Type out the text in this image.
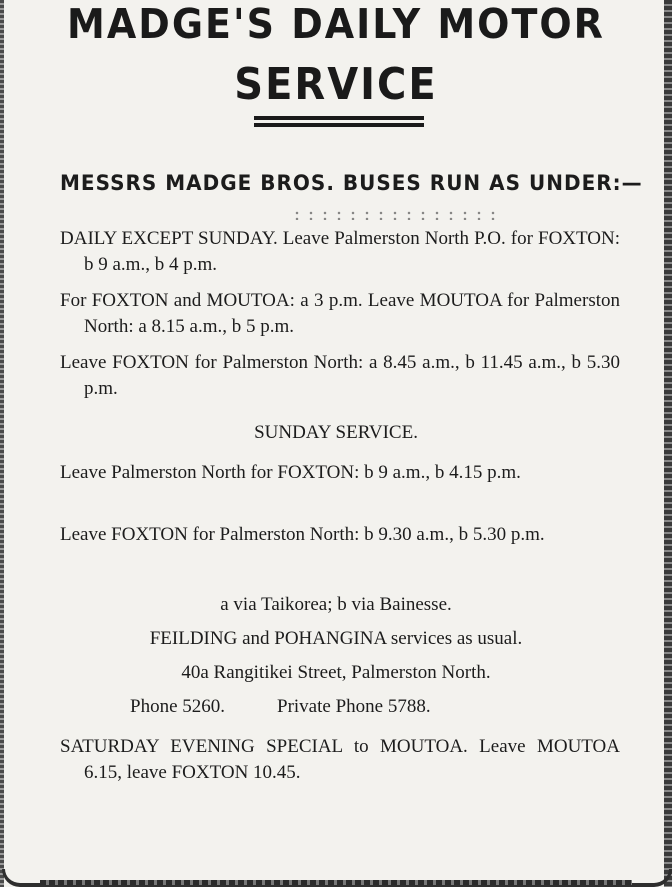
MADGE'S DAILY MOTOR
SERVICE
MESSRS MADGE BROS. BUSES RUN AS UNDER:—
DAILY EXCEPT SUNDAY. Leave Palmerston North P.O. for FOXTON: b 9 a.m., b 4 p.m.
For FOXTON and MOUTOA: a 3 p.m. Leave MOUTOA for Palmerston North: a 8.15 a.m., b 5 p.m.
Leave FOXTON for Palmerston North: a 8.45 a.m., b 11.45 a.m., b 5.30 p.m.
SUNDAY SERVICE.
Leave Palmerston North for FOXTON: b 9 a.m., b 4.15 p.m.
Leave FOXTON for Palmerston North: b 9.30 a.m., b 5.30 p.m.
a via Taikorea; b via Bainesse.
FEILDING and POHANGINA services as usual.
40a Rangitikei Street, Palmerston North.
Phone 5260.	Private Phone 5788.
SATURDAY EVENING SPECIAL to MOUTOA. Leave MOUTOA 6.15, leave FOXTON 10.45.
